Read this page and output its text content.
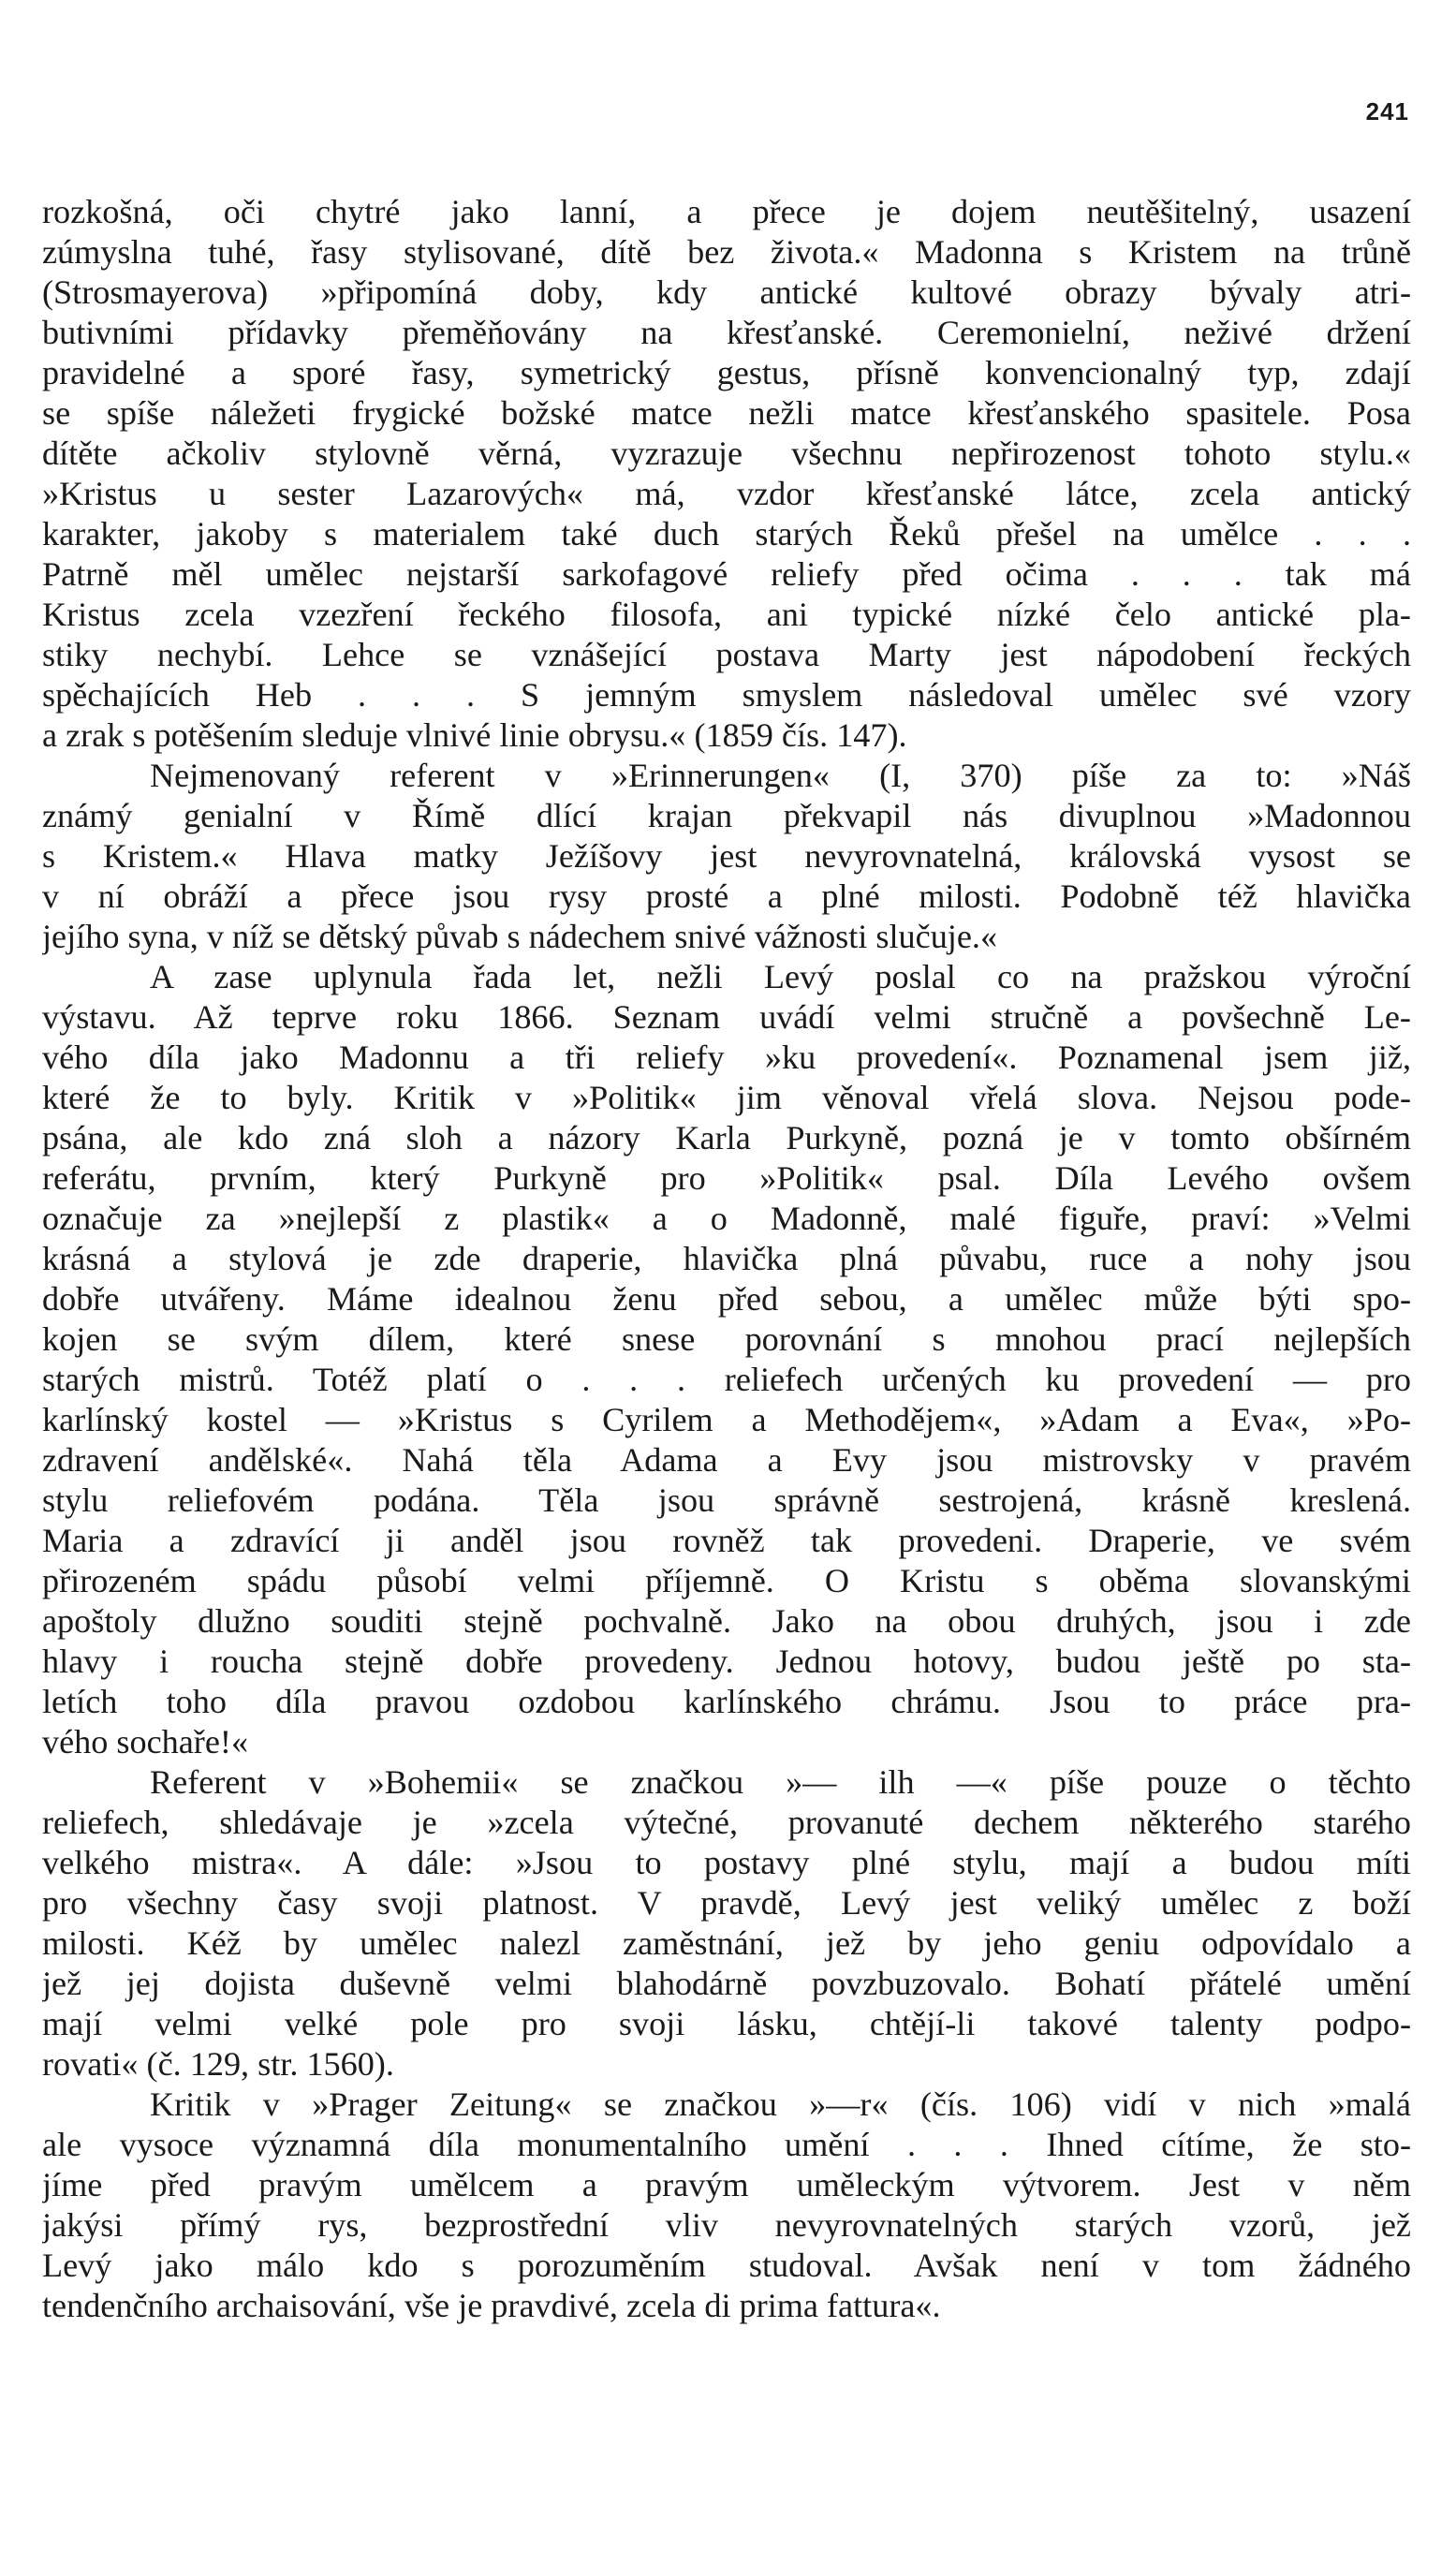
241
rozkošná, oči chytré jako lanní, a přece je dojem neutěšitelný, usazení
zúmyslna tuhé, řasy stylisované, dítě bez života.« Madonna s Kristem na trůně
(Strosmayerova) »připomíná doby, kdy antické kultové obrazy bývaly atri-
butivními přídavky přeměňovány na křesťanské. Ceremonielní, neživé držení
pravidelné a sporé řasy, symetrický gestus, přísně konvencionalný typ, zdají
se spíše náležeti frygické božské matce nežli matce křesťanského spasitele. Posa
dítěte ačkoliv stylovně věrná, vyzrazuje všechnu nepřirozenost tohoto stylu.«
»Kristus u sester Lazarových« má, vzdor křesťanské látce, zcela antický
karakter, jakoby s materialem také duch starých Řeků přešel na umělce . . .
Patrně měl umělec nejstarší sarkofagové reliefy před očima . . . tak má
Kristus zcela vzezření řeckého filosofa, ani typické nízké čelo antické pla-
stiky nechybí. Lehce se vznášející postava Marty jest nápodobení řeckých
spěchajících Heb . . . S jemným smyslem následoval umělec své vzory
a zrak s potěšením sleduje vlnivé linie obrysu.« (1859 čís. 147).
Nejmenovaný referent v »Erinnerungen« (I, 370) píše za to: »Náš
známý genialní v Římě dlící krajan překvapil nás divuplnou »Madonnou
s Kristem.« Hlava matky Ježíšovy jest nevyrovnatelná, královská vysost se
v ní obráží a přece jsou rysy prosté a plné milosti. Podobně též hlavička
jejího syna, v níž se dětský půvab s nádechem snivé vážnosti slučuje.«
A zase uplynula řada let, nežli Levý poslal co na pražskou výroční
výstavu. Až teprve roku 1866. Seznam uvádí velmi stručně a povšechně Le-
vého díla jako Madonnu a tři reliefy »ku provedení«. Poznamenal jsem již,
které že to byly. Kritik v »Politik« jim věnoval vřelá slova. Nejsou pode-
psána, ale kdo zná sloh a názory Karla Purkyně, pozná je v tomto obšírném
referátu, prvním, který Purkyně pro »Politik« psal. Díla Levého ovšem
označuje za »nejlepší z plastik« a o Madonně, malé figuře, praví: »Velmi
krásná a stylová je zde draperie, hlavička plná půvabu, ruce a nohy jsou
dobře utvářeny. Máme idealnou ženu před sebou, a umělec může býti spo-
kojen se svým dílem, které snese porovnání s mnohou prací nejlepších
starých mistrů. Totéž platí o . . . reliefech určených ku provedení — pro
karlínský kostel — »Kristus s Cyrilem a Methodějem«, »Adam a Eva«, »Po-
zdravení andělské«. Nahá těla Adama a Evy jsou mistrovsky v pravém
stylu reliefovém podána. Těla jsou správně sestrojená, krásně kreslená.
Maria a zdravící ji anděl jsou rovněž tak provedeni. Draperie, ve svém
přirozeném spádu působí velmi příjemně. O Kristu s oběma slovanskými
apoštoly dlužno souditi stejně pochvalně. Jako na obou druhých, jsou i zde
hlavy i roucha stejně dobře provedeny. Jednou hotovy, budou ještě po sta-
letích toho díla pravou ozdobou karlínského chrámu. Jsou to práce pra-
vého sochaře!«
Referent v »Bohemii« se značkou »— ilh —« píše pouze o těchto
reliefech, shledávaje je »zcela výtečné, provanuté dechem některého starého
velkého mistra«. A dále: »Jsou to postavy plné stylu, mají a budou míti
pro všechny časy svoji platnost. V pravdě, Levý jest veliký umělec z boží
milosti. Kéž by umělec nalezl zaměstnání, jež by jeho geniu odpovídalo a
jež jej dojista duševně velmi blahodárně povzbuzovalo. Bohatí přátelé umění
mají velmi velké pole pro svoji lásku, chtějí-li takové talenty podpo-
rovati« (č. 129, str. 1560).
Kritik v »Prager Zeitung« se značkou »—r« (čís. 106) vidí v nich »malá
ale vysoce významná díla monumentalního umění . . . Ihned cítíme, že sto-
jíme před pravým umělcem a pravým uměleckým výtvorem. Jest v něm
jakýsi přímý rys, bezprostřední vliv nevyrovnatelných starých vzorů, jež
Levý jako málo kdo s porozuměním studoval. Avšak není v tom žádného
tendenčního archaisování, vše je pravdivé, zcela di prima fattura«.
